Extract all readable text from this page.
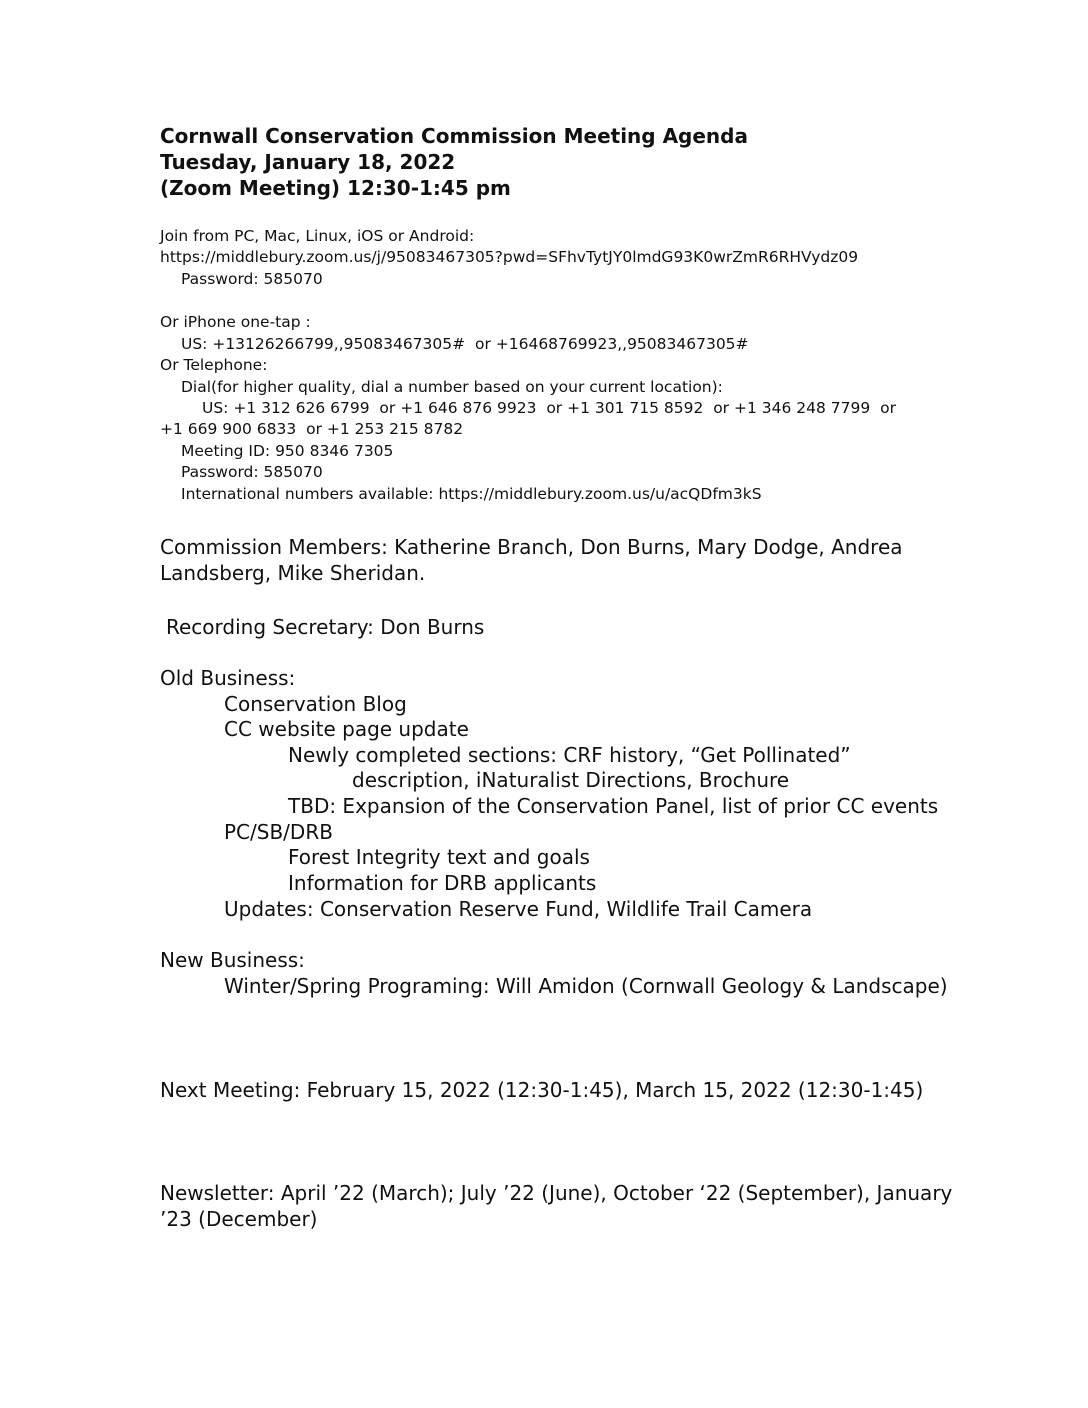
Cornwall Conservation Commission Meeting Agenda
Tuesday, January 18, 2022
(Zoom Meeting) 12:30-1:45 pm
Join from PC, Mac, Linux, iOS or Android:
https://middlebury.zoom.us/j/95083467305?pwd=SFhvTytJY0lmdG93K0wrZmR6RHVydz09
Password: 585070
Or iPhone one-tap :
US: +13126266799,,95083467305#  or +16468769923,,95083467305#
Or Telephone:
Dial(for higher quality, dial a number based on your current location):
US: +1 312 626 6799  or +1 646 876 9923  or +1 301 715 8592  or +1 346 248 7799  or
+1 669 900 6833  or +1 253 215 8782
Meeting ID: 950 8346 7305
Password: 585070
International numbers available: https://middlebury.zoom.us/u/acQDfm3kS
Commission Members: Katherine Branch, Don Burns, Mary Dodge, Andrea
Landsberg, Mike Sheridan.
Recording Secretary: Don Burns
Old Business:
Conservation Blog
CC website page update
Newly completed sections: CRF history, “Get Pollinated”
description, iNaturalist Directions, Brochure
TBD: Expansion of the Conservation Panel, list of prior CC events
PC/SB/DRB
Forest Integrity text and goals
Information for DRB applicants
Updates: Conservation Reserve Fund, Wildlife Trail Camera
New Business:
Winter/Spring Programing: Will Amidon (Cornwall Geology & Landscape)
Next Meeting: February 15, 2022 (12:30-1:45), March 15, 2022 (12:30-1:45)
Newsletter: April ’22 (March); July ’22 (June), October ‘22 (September), January
’23 (December)
